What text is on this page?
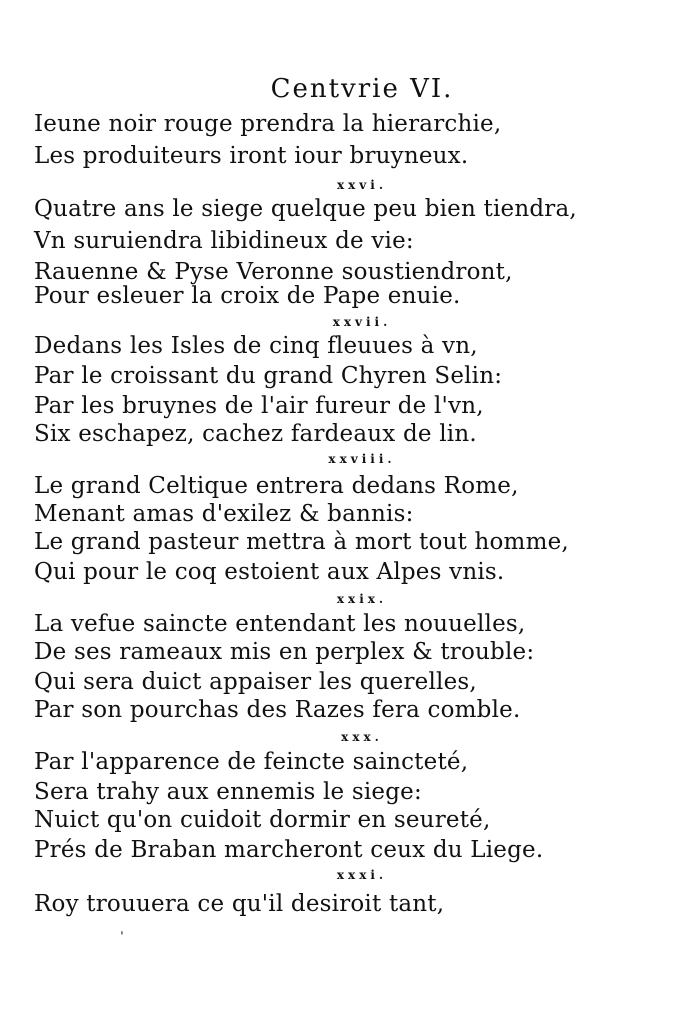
Centvrie VI.
Ieune noir rouge prendra la hierarchie,
Les produiteurs iront iour bruyneux.
xxvi.
Quatre ans le siege quelque peu bien tiendra,
Vn suruiendra libidineux de vie:
Rauenne & Pyse Veronne soustiendront,
Pour esleuer la croix de Pape enuie.
xxvii.
Dedans les Isles de cinq fleuues à vn,
Par le croissant du grand Chyren Selin:
Par les bruynes de l'air fureur de l'vn,
Six eschapez, cachez fardeaux de lin.
xxviii.
Le grand Celtique entrera dedans Rome,
Menant amas d'exilez & bannis:
Le grand pasteur mettra à mort tout homme,
Qui pour le coq estoient aux Alpes vnis.
xxix.
La vefue saincte entendant les nouuelles,
De ses rameaux mis en perplex & trouble:
Qui sera duict appaiser les querelles,
Par son pourchas des Razes fera comble.
xxx.
Par l'apparence de feincte saincteté,
Sera trahy aux ennemis le siege:
Nuict qu'on cuidoit dormir en seureté,
Prés de Braban marcheront ceux du Liege.
xxxi.
Roy trouuera ce qu'il desiroit tant,
ˈ
